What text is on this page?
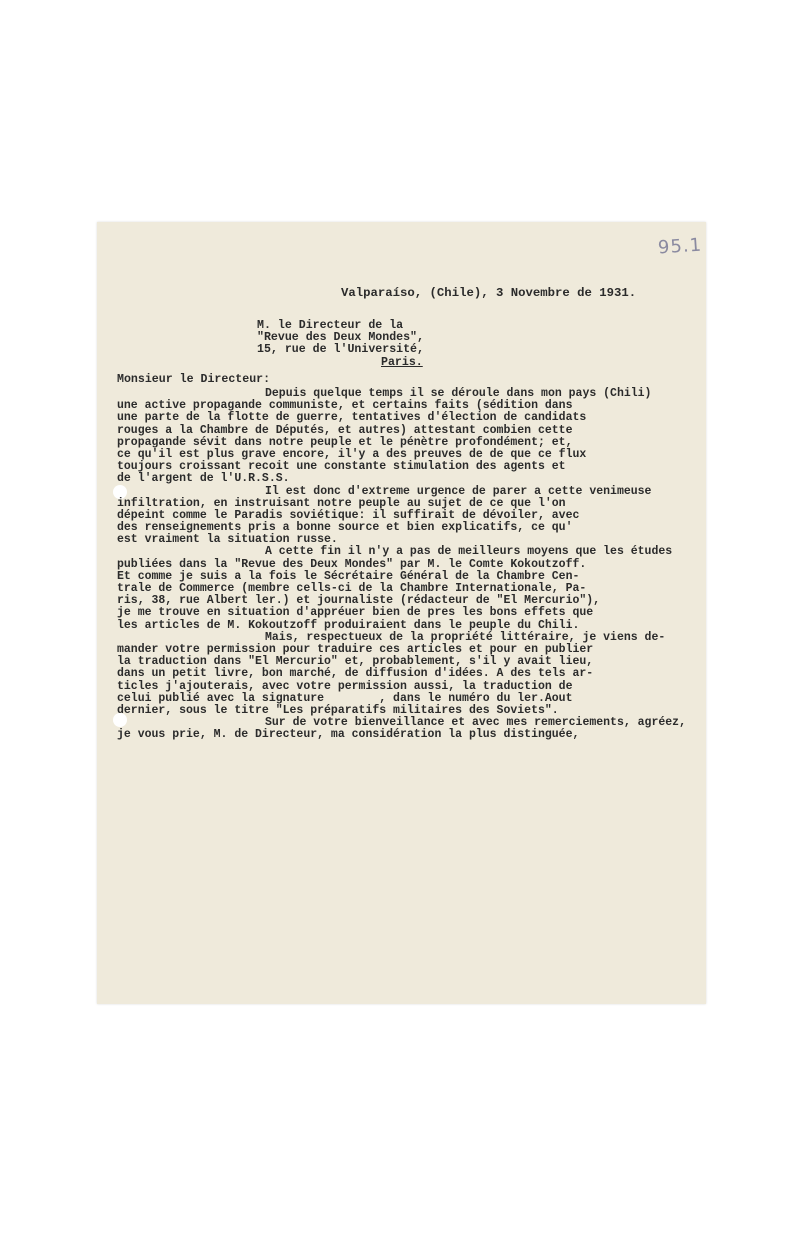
95.1
Valparaíso, (Chile), 3 Novembre de 1931.
M. le Directeur de la
"Revue des Deux Mondes",
15, rue de l'Université,
Paris.
Monsieur le Directeur:
Depuis quelque temps il se déroule dans mon pays (Chili)
une active propagande communiste, et certains faits (sédition dans
une parte de la flotte de guerre, tentatives d'élection de candidats
rouges a la Chambre de Députés, et autres) attestant combien cette
propagande sévit dans notre peuple et le pénètre profondément; et,
ce qu'il est plus grave encore, il'y a des preuves de de que ce flux
toujours croissant recoit une constante stimulation des agents et
de l'argent de l'U.R.S.S.
Il est donc d'extreme urgence de parer a cette venimeuse
infiltration, en instruisant notre peuple au sujet de ce que l'on
dépeint comme le Paradis soviétique: il suffirait de dévoiler, avec
des renseignements pris a bonne source et bien explicatifs, ce qu'
est vraiment la situation russe.
A cette fin il n'y a pas de meilleurs moyens que les études
publiées dans la "Revue des Deux Mondes" par M. le Comte Kokoutzoff.
Et comme je suis a la fois le Sécrétaire Général de la Chambre Cen-
trale de Commerce (membre cells-ci de la Chambre Internationale, Pa-
ris, 38, rue Albert ler.) et journaliste (rédacteur de "El Mercurio"),
je me trouve en situation d'appréuer bien de pres les bons effets que
les articles de M. Kokoutzoff produiraient dans le peuple du Chili.
Mais, respectueux de la propriété littéraire, je viens de-
mander votre permission pour traduire ces articles et pour en publier
la traduction dans "El Mercurio" et, probablement, s'il y avait lieu,
dans un petit livre, bon marché, de diffusion d'idées. A des tels ar-
ticles j'ajouterais, avec votre permission aussi, la traduction de
celui publié avec la signature        , dans le numéro du ler.Aout
dernier, sous le titre "Les préparatifs militaires des Soviets".
Sur de votre bienveillance et avec mes remerciements, agréez,
je vous prie, M. de Directeur, ma considération la plus distinguée,
